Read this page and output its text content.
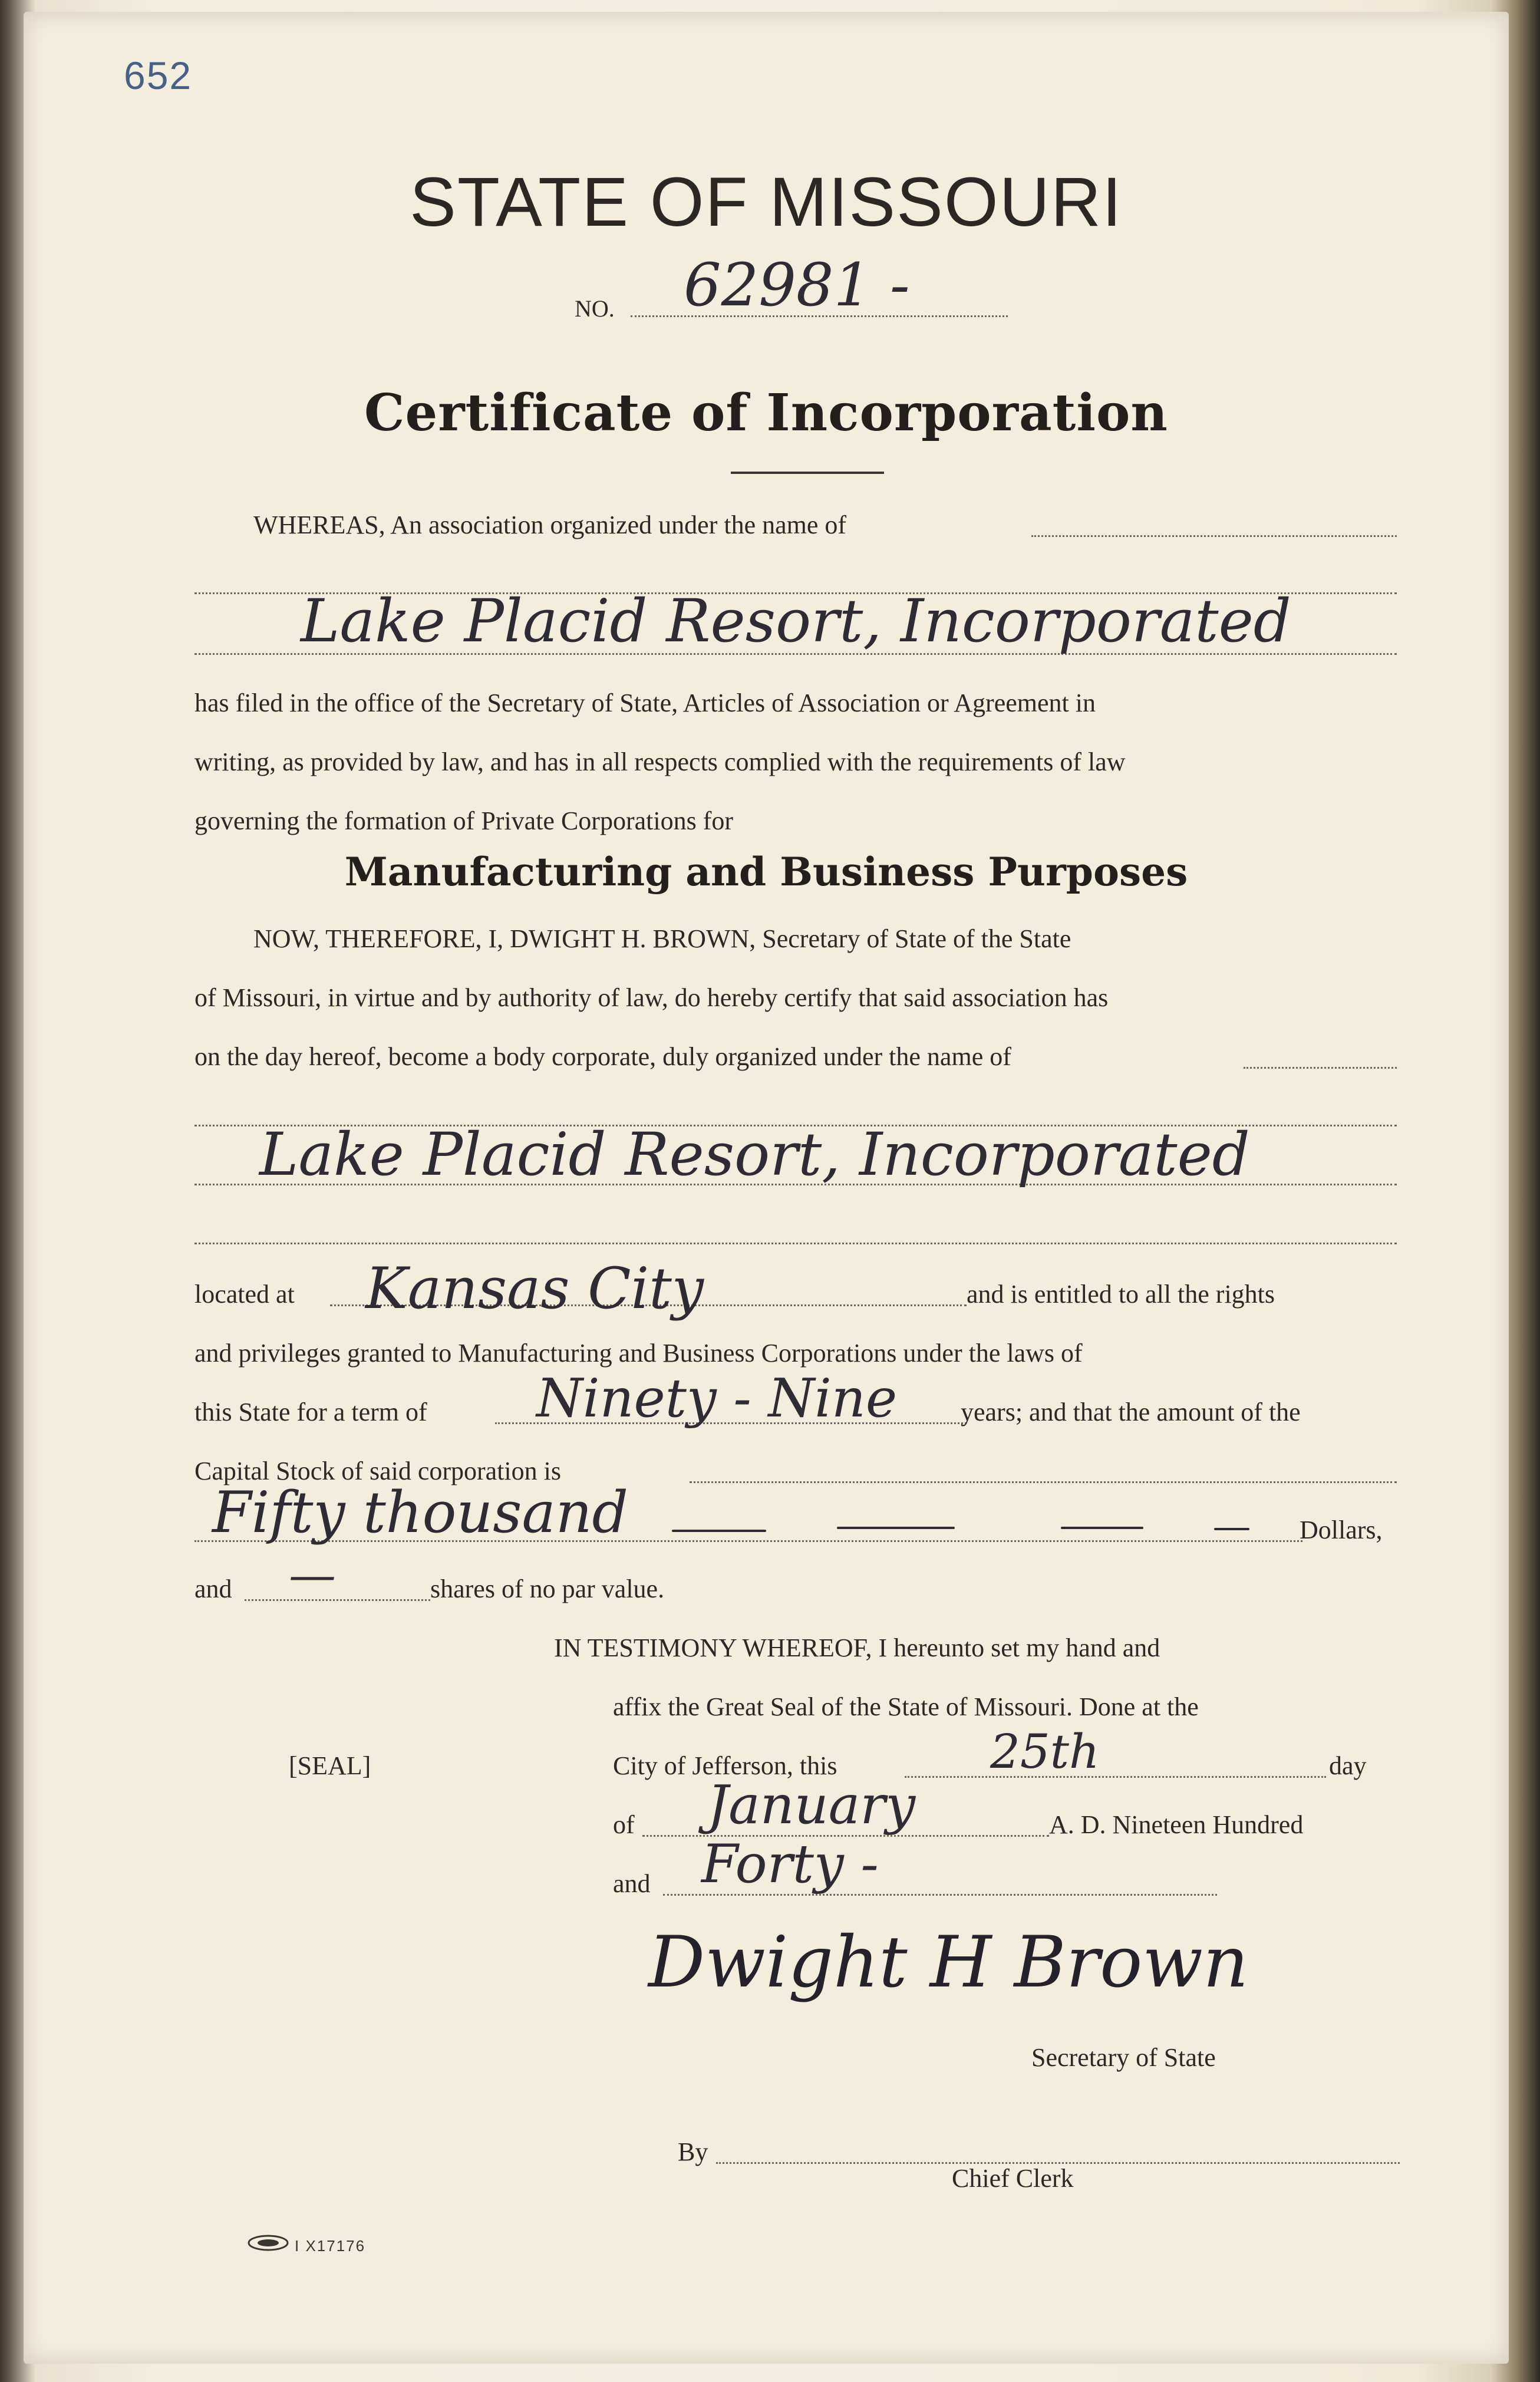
652
STATE OF MISSOURI
NO. 62981 -
Certificate of Incorporation
WHEREAS, An association organized under the name of
Lake Placid Resort, Incorporated
has filed in the office of the Secretary of State, Articles of Association or Agreement in
writing, as provided by law, and has in all respects complied with the requirements of law
governing the formation of Private Corporations for
Manufacturing and Business Purposes
NOW, THEREFORE, I, DWIGHT H. BROWN, Secretary of State of the State
of Missouri, in virtue and by authority of law, do hereby certify that said association has
on the day hereof, become a body corporate, duly organized under the name of
Lake Placid Resort, Incorporated
located at Kansas City	and is entitled to all the rights
and privileges granted to Manufacturing and Business Corporations under the laws of
this State for a term of Ninety - Nine years; and that the amount of the
Capital Stock of said corporation is
Fifty thousand	Dollars,
and —	shares of no par value.
IN TESTIMONY WHEREOF, I hereunto set my hand and
affix the Great Seal of the State of Missouri. Done at the
[SEAL]	City of Jefferson, this	25th	day
of January	A. D. Nineteen Hundred
and Forty -
Dwight H Brown
Secretary of State
By
Chief Clerk
I X17176
